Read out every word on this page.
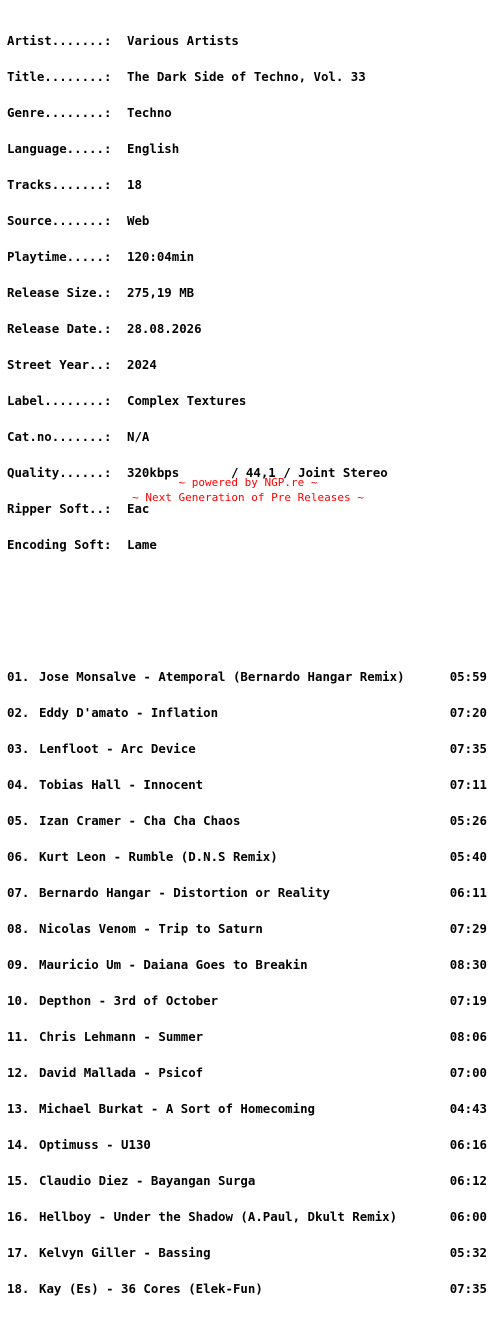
Artist.......:	Various Artists

Title........:	The Dark Side of Techno, Vol. 33

Genre........:	Techno

Language.....:	English

Tracks.......:	18

Source.......:	Web

Playtime.....:	120:04min

Release Size.:	275,19 MB

Release Date.:	28.08.2026

Street Year..:	2024

Label........:	Complex Textures

Cat.no.......:	N/A

Quality......:	320kbps	/ 44,1 / Joint Stereo

Ripper Soft..:	Eac

Encoding Soft:	Lame

01. Jose Monsalve - Atemporal (Bernardo Hangar Remix)	05:59

02. Eddy D'amato - Inflation	07:20

03. Lenfloot - Arc Device	07:35

04. Tobias Hall - Innocent	07:11

05. Izan Cramer - Cha Cha Chaos	05:26

06. Kurt Leon - Rumble (D.N.S Remix)	05:40

07. Bernardo Hangar - Distortion or Reality	06:11

08. Nicolas Venom - Trip to Saturn	07:29

09. Mauricio Um - Daiana Goes to Breakin	08:30

10. Depthon - 3rd of October	07:19

11. Chris Lehmann - Summer	08:06

12. David Mallada - Psicof	07:00

13. Michael Burkat - A Sort of Homecoming	04:43

14. Optimuss - U130	06:16

15. Claudio Diez - Bayangan Surga	06:12

16. Hellboy - Under the Shadow (A.Paul, Dkult Remix)	06:00

17. Kelvyn Giller - Bassing	05:32

18. Kay (Es) - 36 Cores (Elek-Fun)	07:35

~ powered by NGP.re ~
~ Next Generation of Pre Releases ~
